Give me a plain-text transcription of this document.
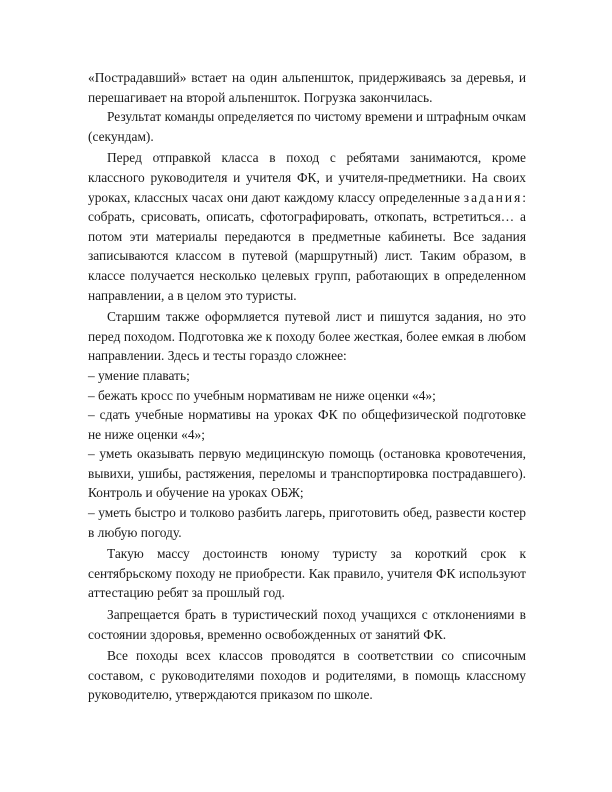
«Пострадавший» встает на один альпеншток, придерживаясь за деревья, и перешагивает на второй альпеншток. Погрузка закончилась.

Результат команды определяется по чистому времени и штрафным очкам (секундам).

Перед отправкой класса в поход с ребятами занимаются, кроме классного руководителя и учителя ФК, и учителя-предметники. На своих уроках, классных часах они дают каждому классу определенные задания: собрать, срисовать, описать, сфотографировать, откопать, встретиться… а потом эти материалы передаются в предметные кабинеты. Все задания записываются классом в путевой (маршрутный) лист. Таким образом, в классе получается несколько целевых групп, работающих в определенном направлении, а в целом это туристы.

Старшим также оформляется путевой лист и пишутся задания, но это перед походом. Подготовка же к походу более жесткая, более емкая в любом направлении. Здесь и тесты гораздо сложнее:

– умение плавать;

– бежать кросс по учебным нормативам не ниже оценки «4»;

– сдать учебные нормативы на уроках ФК по общефизической подготовке не ниже оценки «4»;

– уметь оказывать первую медицинскую помощь (остановка кровотечения, вывихи, ушибы, растяжения, переломы и транспортировка пострадавшего). Контроль и обучение на уроках ОБЖ;

– уметь быстро и толково разбить лагерь, приготовить обед, развести костер в любую погоду.

Такую массу достоинств юному туристу за короткий срок к сентябрьскому походу не приобрести. Как правило, учителя ФК используют аттестацию ребят за прошлый год.

Запрещается брать в туристический поход учащихся с отклонениями в состоянии здоровья, временно освобожденных от занятий ФК.

Все походы всех классов проводятся в соответствии со списочным составом, с руководителями походов и родителями, в помощь классному руководителю, утверждаются приказом по школе.
